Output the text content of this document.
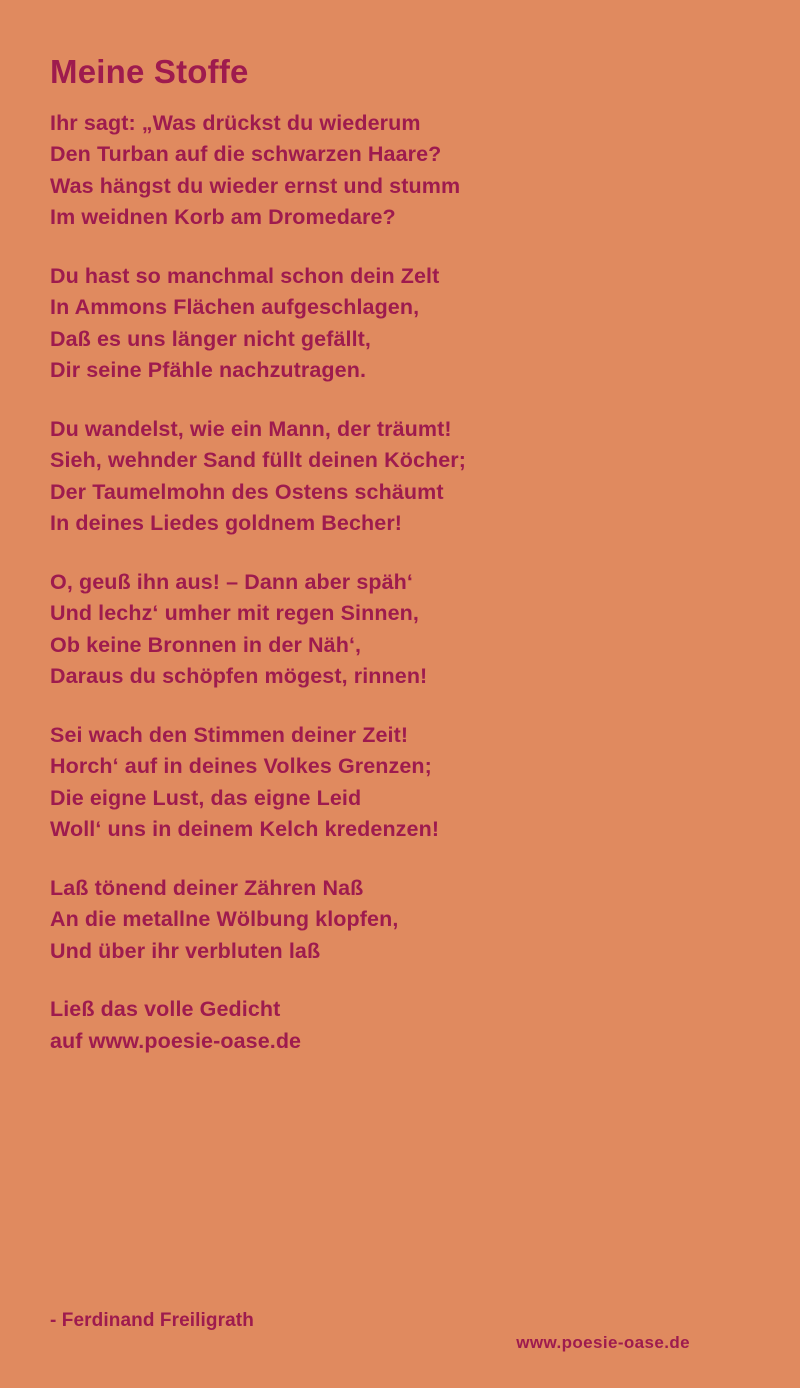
Meine Stoffe
Ihr sagt: „Was drückst du wiederum
Den Turban auf die schwarzen Haare?
Was hängst du wieder ernst und stumm
Im weidnen Korb am Dromedare?
Du hast so manchmal schon dein Zelt
In Ammons Flächen aufgeschlagen,
Daß es uns länger nicht gefällt,
Dir seine Pfähle nachzutragen.
Du wandelst, wie ein Mann, der träumt!
Sieh, wehnder Sand füllt deinen Köcher;
Der Taumelmohn des Ostens schäumt
In deines Liedes goldnem Becher!
O, geuß ihn aus! – Dann aber späh‘
Und lechz‘ umher mit regen Sinnen,
Ob keine Bronnen in der Näh‘,
Daraus du schöpfen mögest, rinnen!
Sei wach den Stimmen deiner Zeit!
Horch‘ auf in deines Volkes Grenzen;
Die eigne Lust, das eigne Leid
Woll‘ uns in deinem Kelch kredenzen!
Laß tönend deiner Zähren Naß
An die metallne Wölbung klopfen,
Und über ihr verbluten laß
Ließ das volle Gedicht
auf www.poesie-oase.de
- Ferdinand Freiligrath
www.poesie-oase.de
